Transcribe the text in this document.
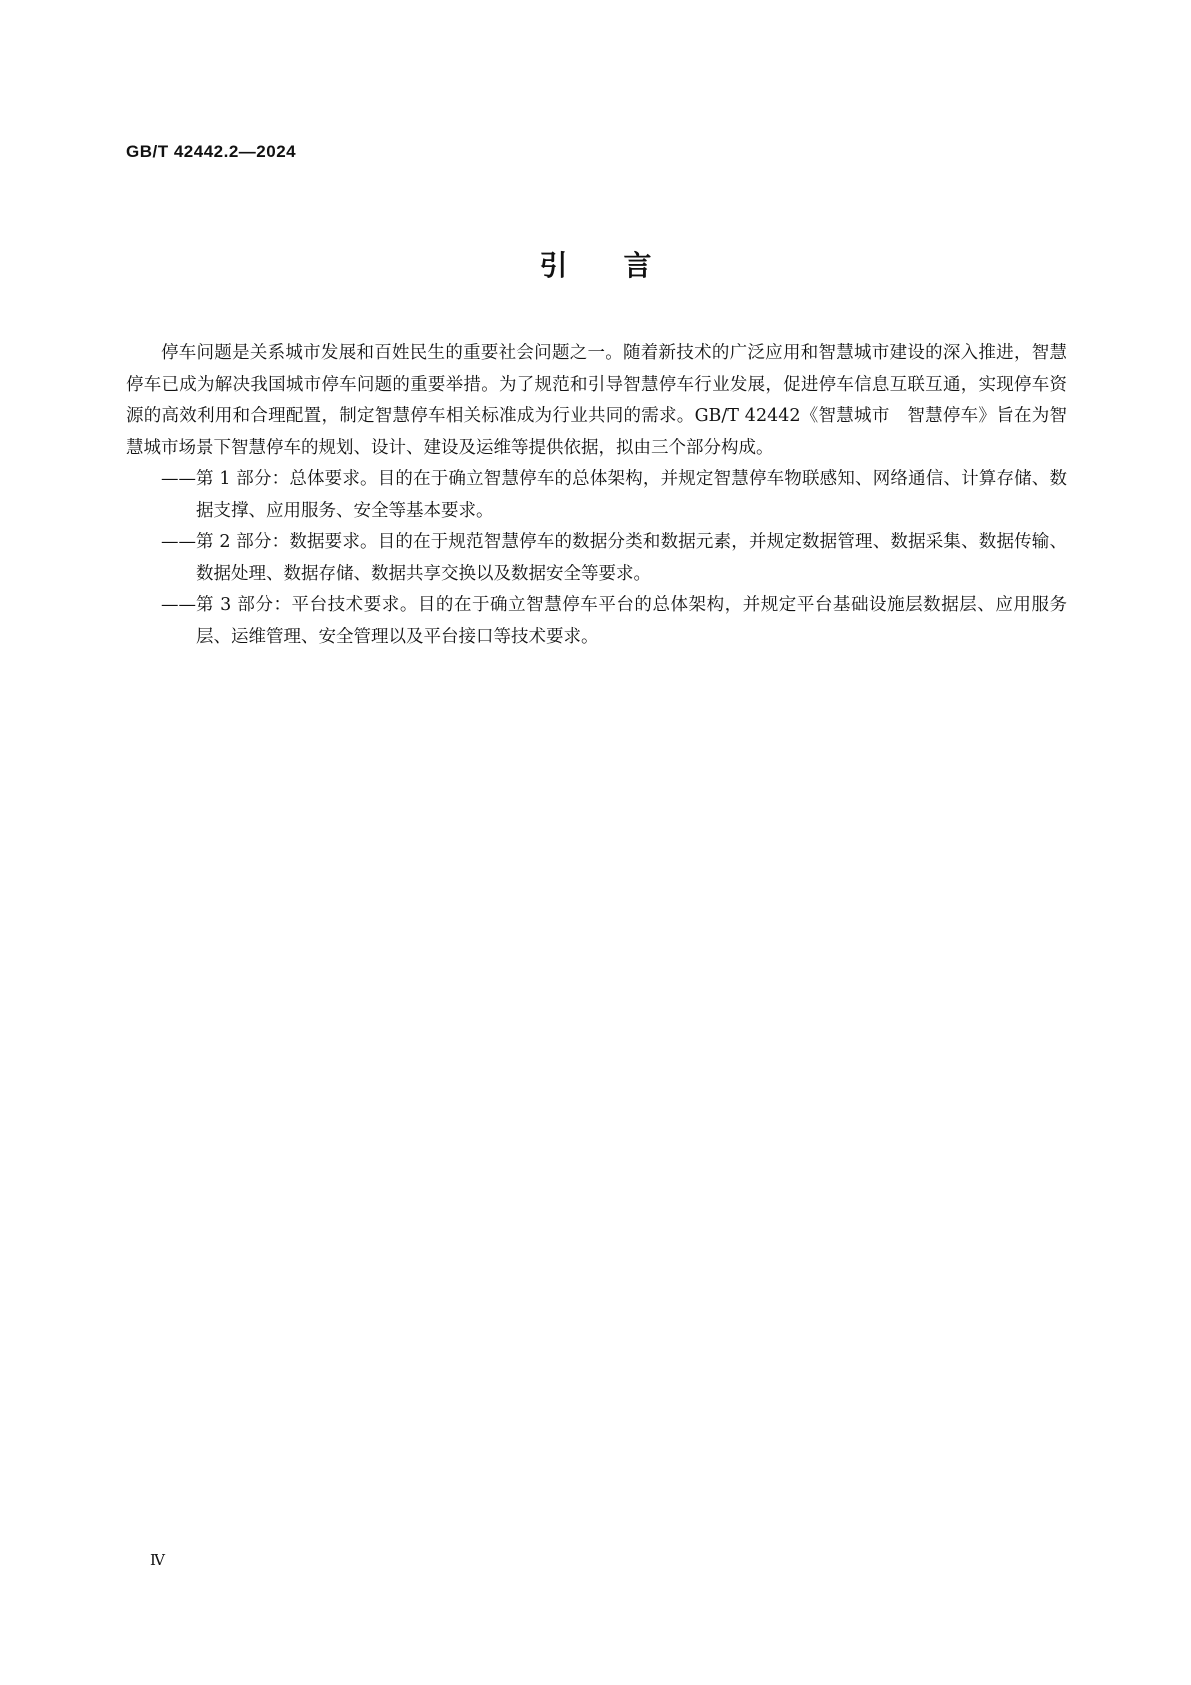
GB/T 42442.2—2024
引言

停车问题是关系城市发展和百姓民生的重要社会问题之一。随着新技术的广泛应用和智慧城市建设的深入推进，智慧停车已成为解决我国城市停车问题的重要举措。为了规范和引导智慧停车行业发展，促进停车信息互联互通，实现停车资源的高效利用和合理配置，制定智慧停车相关标准成为行业共同的需求。GB/T 42442《智慧城市　智慧停车》旨在为智慧城市场景下智慧停车的规划、设计、建设及运维等提供依据，拟由三个部分构成。

—— 第 1 部分：总体要求。目的在于确立智慧停车的总体架构，并规定智慧停车物联感知、网络通信、计算存储、数据支撑、应用服务、安全等基本要求。
—— 第 2 部分：数据要求。目的在于规范智慧停车的数据分类和数据元素，并规定数据管理、数据采集、数据传输、数据处理、数据存储、数据共享交换以及数据安全等要求。
—— 第 3 部分：平台技术要求。目的在于确立智慧停车平台的总体架构，并规定平台基础设施层数据层、应用服务层、运维管理、安全管理以及平台接口等技术要求。
Ⅳ
